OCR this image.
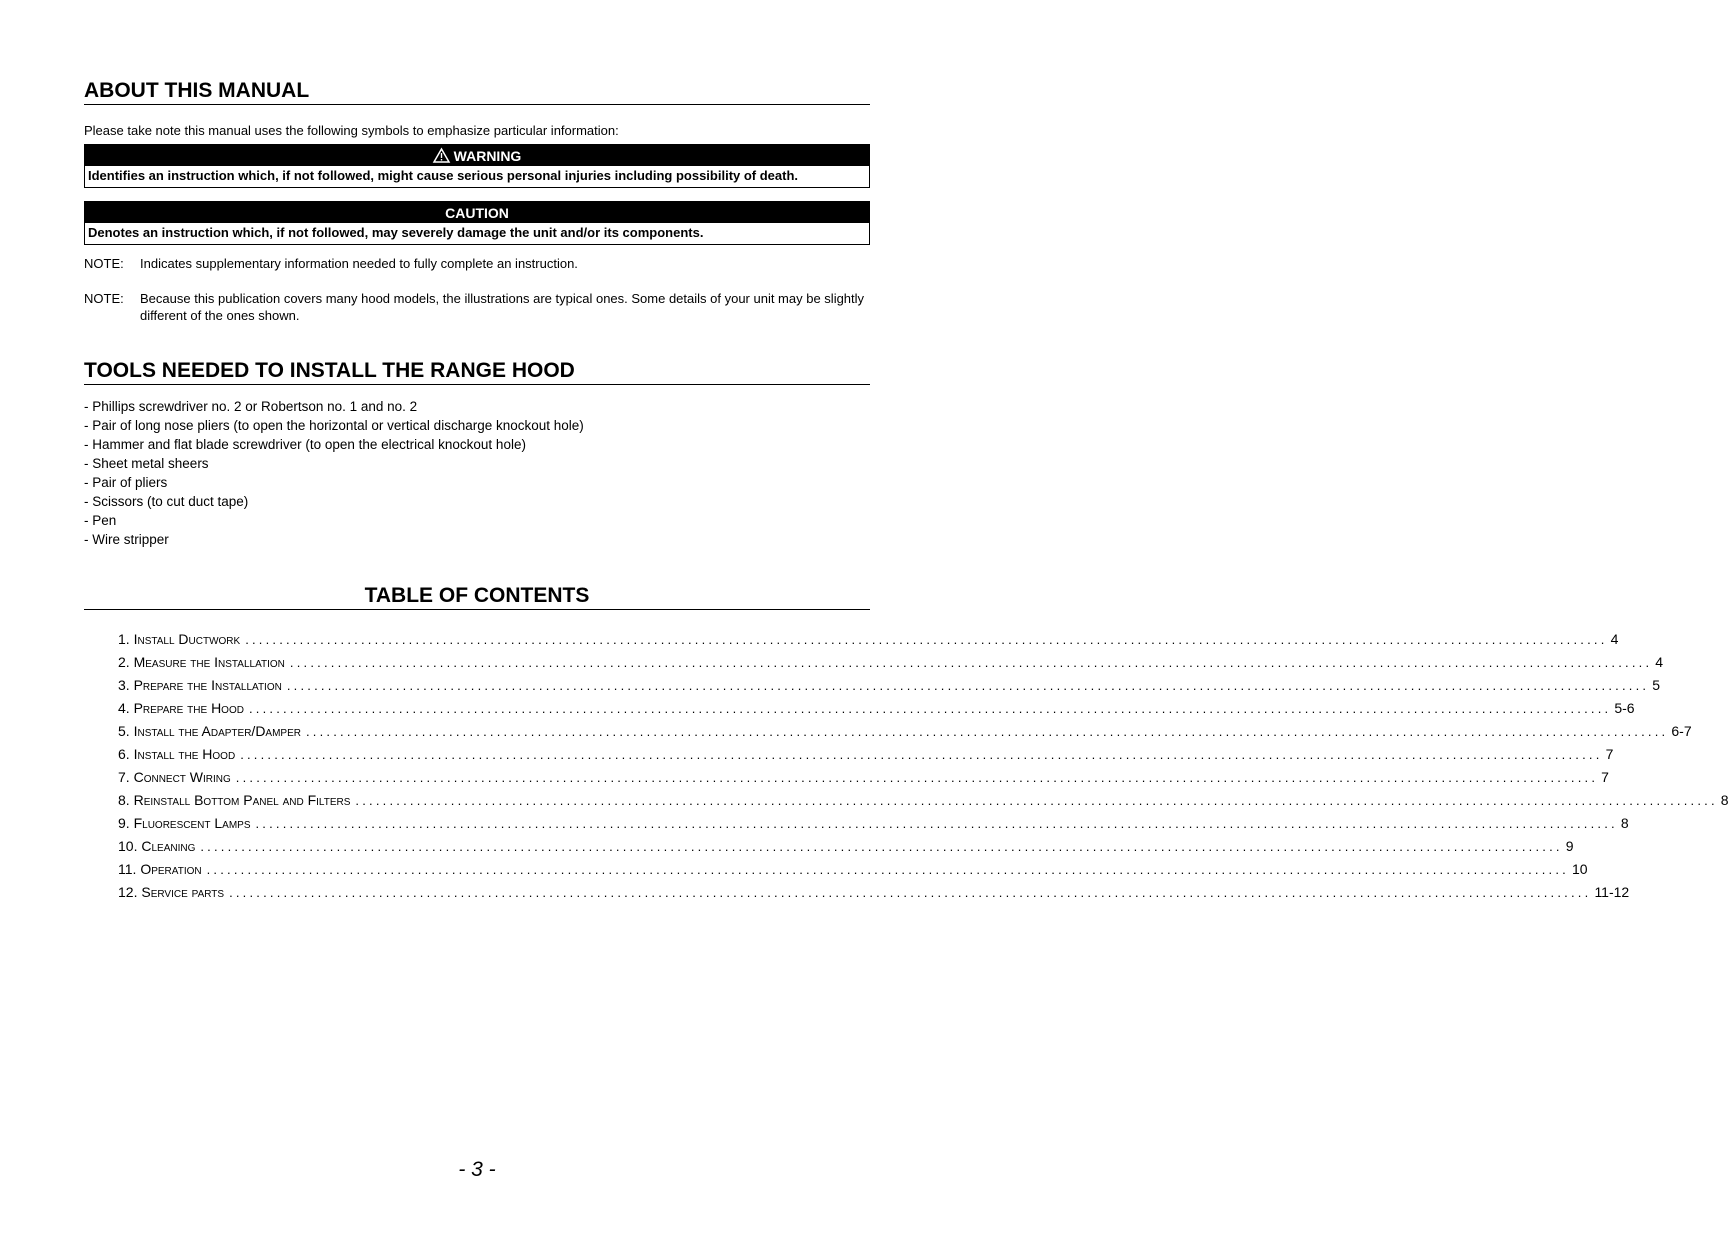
ABOUT THIS MANUAL

Please take note this manual uses the following symbols to emphasize particular information:

WARNING
Identifies an instruction which, if not followed, might cause serious personal injuries including possibility of death.
CAUTION
Denotes an instruction which, if not followed, may severely damage the unit and/or its components.
NOTE:	Indicates supplementary information needed to fully complete an instruction.
NOTE:	Because this publication covers many hood models, the illustrations are typical ones. Some details of your unit may be slightly different of the ones shown.
TOOLS NEEDED TO INSTALL THE RANGE HOOD
- Phillips screwdriver no. 2 or Robertson no. 1 and no. 2
- Pair of long nose pliers (to open the horizontal or vertical discharge knockout hole)
- Hammer and flat blade screwdriver (to open the electrical knockout hole)
- Sheet metal sheers
- Pair of pliers
- Scissors (to cut duct tape)
- Pen
- Wire stripper
TABLE OF CONTENTS
1. Install Ductwork ........................................................................................................................................................................................................ 4
2. Measure the Installation ........................................................................................................................................................................................................ 4
3. Prepare the Installation ........................................................................................................................................................................................................ 5
4. Prepare the Hood ........................................................................................................................................................................................................ 5-6
5. Install the Adapter/Damper ........................................................................................................................................................................................................ 6-7
6. Install the Hood ........................................................................................................................................................................................................ 7
7. Connect Wiring ........................................................................................................................................................................................................ 7
8. Reinstall Bottom Panel and Filters ........................................................................................................................................................................................................ 8
9. Fluorescent Lamps ........................................................................................................................................................................................................ 8
10. Cleaning ........................................................................................................................................................................................................ 9
11. Operation ........................................................................................................................................................................................................ 10
12. Service parts ........................................................................................................................................................................................................ 11-12
- 3 -
